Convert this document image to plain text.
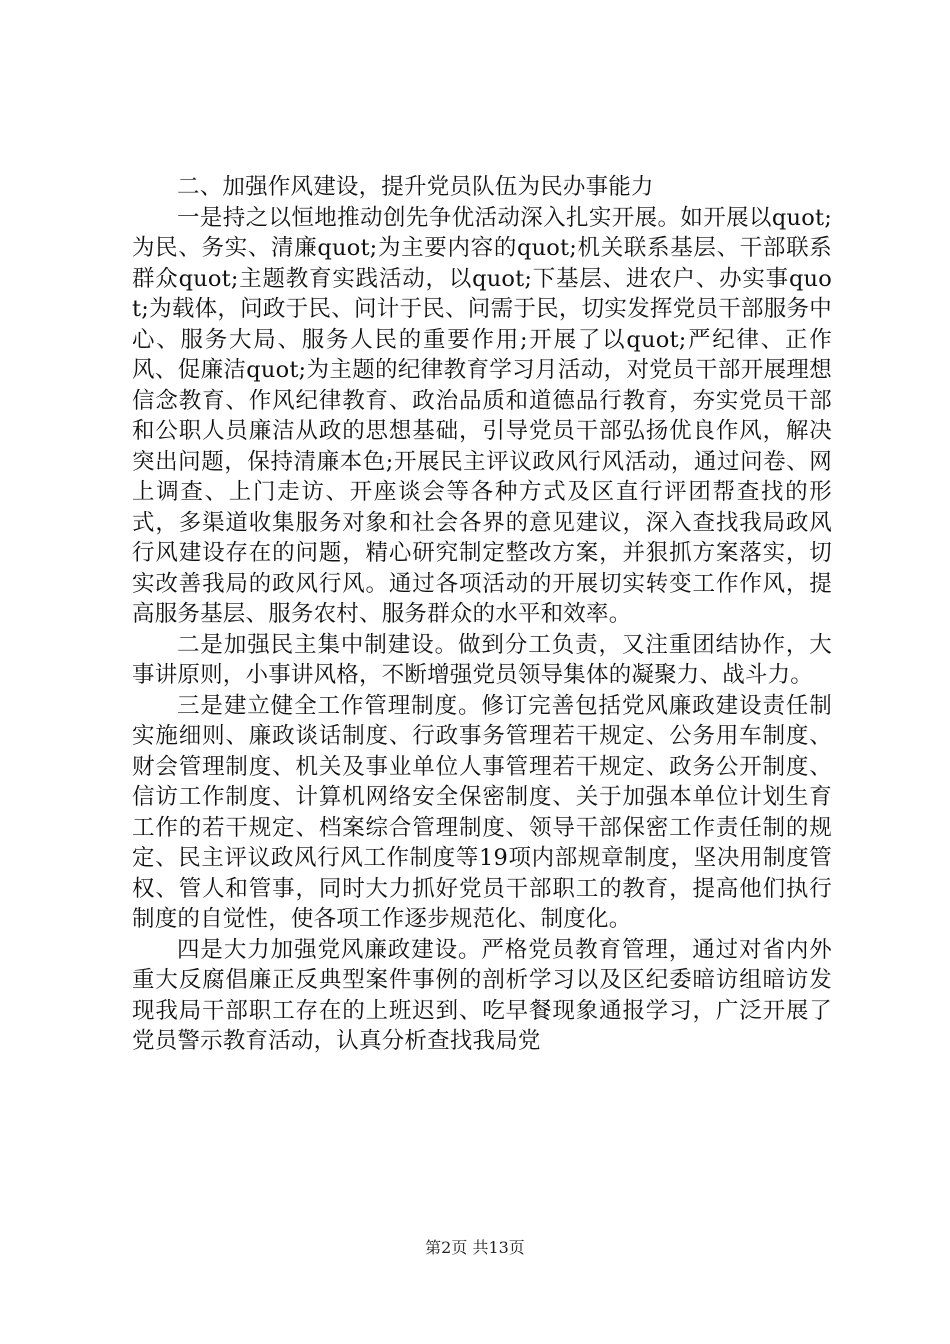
二、加强作风建设，提升党员队伍为民办事能力

一是持之以恒地推动创先争优活动深入扎实开展。如开展以quot;为民、务实、清廉quot;为主要内容的quot;机关联系基层、干部联系群众quot;主题教育实践活动，以quot;下基层、进农户、办实事quot;为载体，问政于民、问计于民、问需于民，切实发挥党员干部服务中心、服务大局、服务人民的重要作用;开展了以quot;严纪律、正作风、促廉洁quot;为主题的纪律教育学习月活动，对党员干部开展理想信念教育、作风纪律教育、政治品质和道德品行教育，夯实党员干部和公职人员廉洁从政的思想基础，引导党员干部弘扬优良作风，解决突出问题，保持清廉本色;开展民主评议政风行风活动，通过问卷、网上调查、上门走访、开座谈会等各种方式及区直行评团帮查找的形式，多渠道收集服务对象和社会各界的意见建议，深入查找我局政风行风建设存在的问题，精心研究制定整改方案，并狠抓方案落实，切实改善我局的政风行风。通过各项活动的开展切实转变工作作风，提高服务基层、服务农村、服务群众的水平和效率。

二是加强民主集中制建设。做到分工负责，又注重团结协作，大事讲原则，小事讲风格，不断增强党员领导集体的凝聚力、战斗力。

三是建立健全工作管理制度。修订完善包括党风廉政建设责任制实施细则、廉政谈话制度、行政事务管理若干规定、公务用车制度、财会管理制度、机关及事业单位人事管理若干规定、政务公开制度、信访工作制度、计算机网络安全保密制度、关于加强本单位计划生育工作的若干规定、档案综合管理制度、领导干部保密工作责任制的规定、民主评议政风行风工作制度等19项内部规章制度，坚决用制度管权、管人和管事，同时大力抓好党员干部职工的教育，提高他们执行制度的自觉性，使各项工作逐步规范化、制度化。

四是大力加强党风廉政建设。严格党员教育管理，通过对省内外重大反腐倡廉正反典型案件事例的剖析学习以及区纪委暗访组暗访发现我局干部职工存在的上班迟到、吃早餐现象通报学习，广泛开展了党员警示教育活动，认真分析查找我局党

第2页 共13页
